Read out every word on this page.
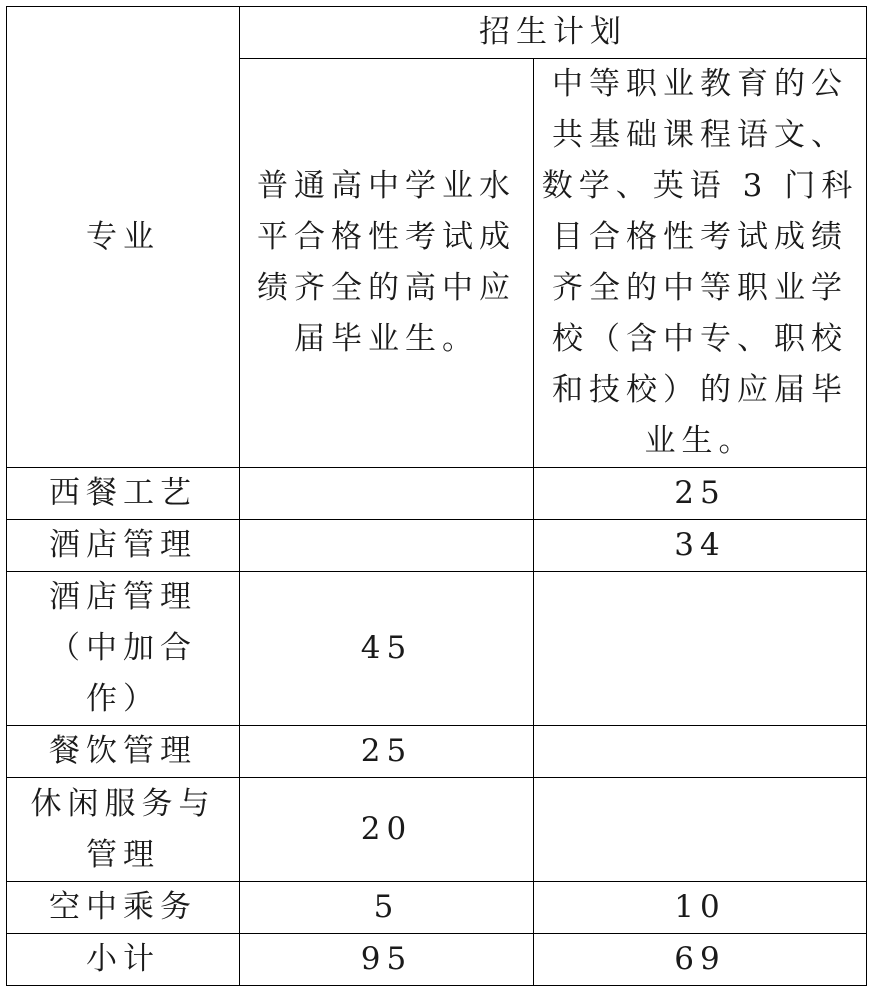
专业	招生计划	
	普通高中学业水平合格性考试成绩齐全的高中应届毕业生。	中等职业教育的公共基础课程语文、数学、英语 3 门科目合格性考试成绩齐全的中等职业学校（含中专、职校和技校）的应届毕业生。
西餐工艺		25
酒店管理		34
酒店管理（中加合作）	45	
餐饮管理	25	
休闲服务与管理	20	
空中乘务	5	10
小计	95	69
